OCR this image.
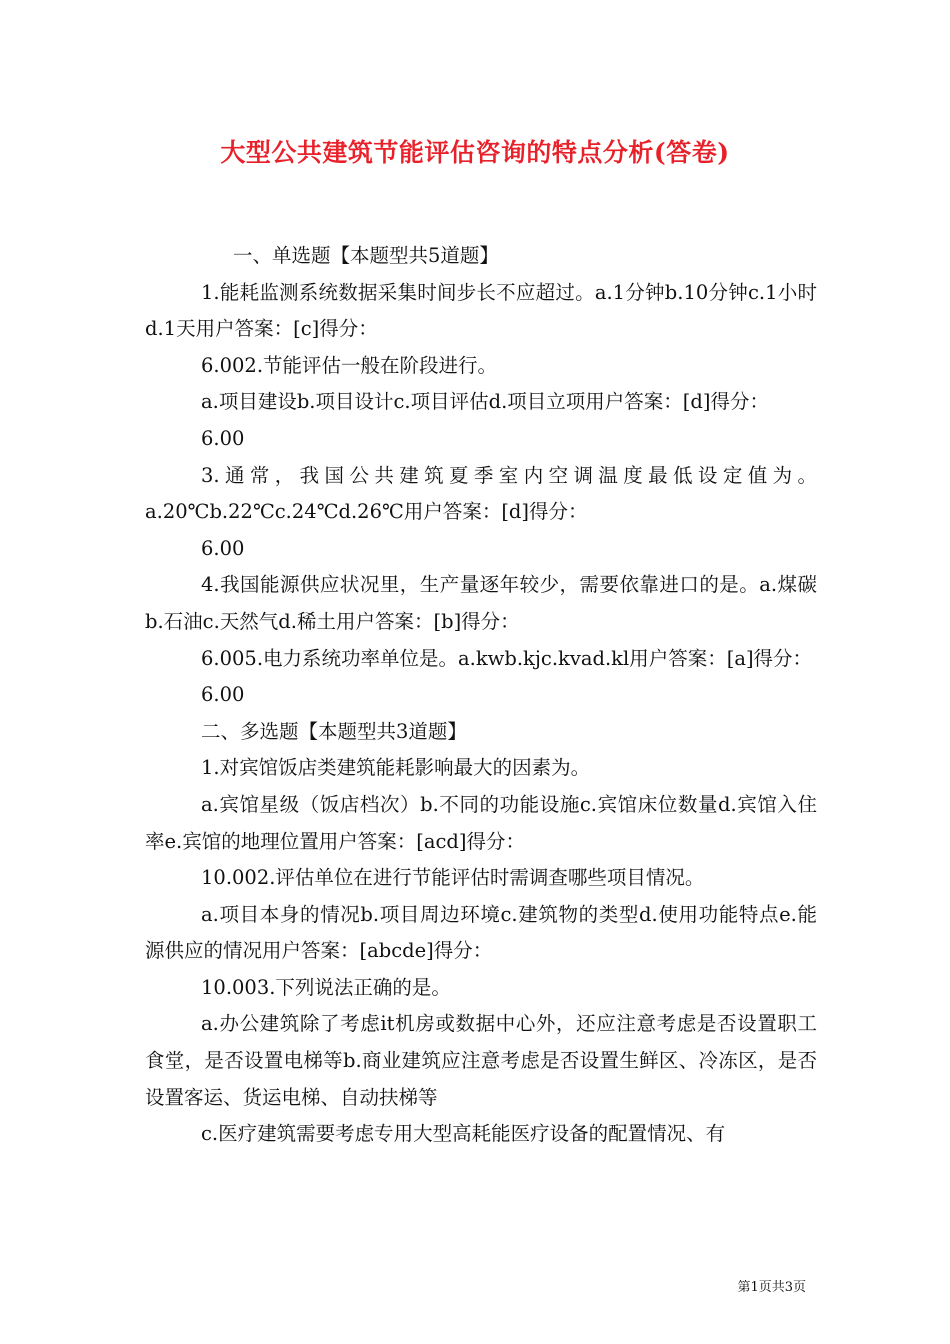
大型公共建筑节能评估咨询的特点分析(答卷)

一、单选题【本题型共5道题】

1.能耗监测系统数据采集时间步长不应超过。a.1分钟b.10分钟c.1小时d.1天用户答案：[c]得分：

6.002.节能评估一般在阶段进行。

a.项目建设b.项目设计c.项目评估d.项目立项用户答案：[d]得分：

6.00

3.通常，我国公共建筑夏季室内空调温度最低设定值为。a.20℃b.22℃c.24℃d.26℃用户答案：[d]得分：

6.00

4.我国能源供应状况里，生产量逐年较少，需要依靠进口的是。a.煤碳b.石油c.天然气d.稀土用户答案：[b]得分：

6.005.电力系统功率单位是。a.kwb.kjc.kvad.kl用户答案：[a]得分：

6.00

二、多选题【本题型共3道题】

1.对宾馆饭店类建筑能耗影响最大的因素为。

a.宾馆星级（饭店档次）b.不同的功能设施c.宾馆床位数量d.宾馆入住率e.宾馆的地理位置用户答案：[acd]得分：

10.002.评估单位在进行节能评估时需调查哪些项目情况。

a.项目本身的情况b.项目周边环境c.建筑物的类型d.使用功能特点e.能源供应的情况用户答案：[abcde]得分：

10.003.下列说法正确的是。

a.办公建筑除了考虑it机房或数据中心外，还应注意考虑是否设置职工食堂，是否设置电梯等b.商业建筑应注意考虑是否设置生鲜区、冷冻区，是否设置客运、货运电梯、自动扶梯等

c.医疗建筑需要考虑专用大型高耗能医疗设备的配置情况、有

第1页共3页
